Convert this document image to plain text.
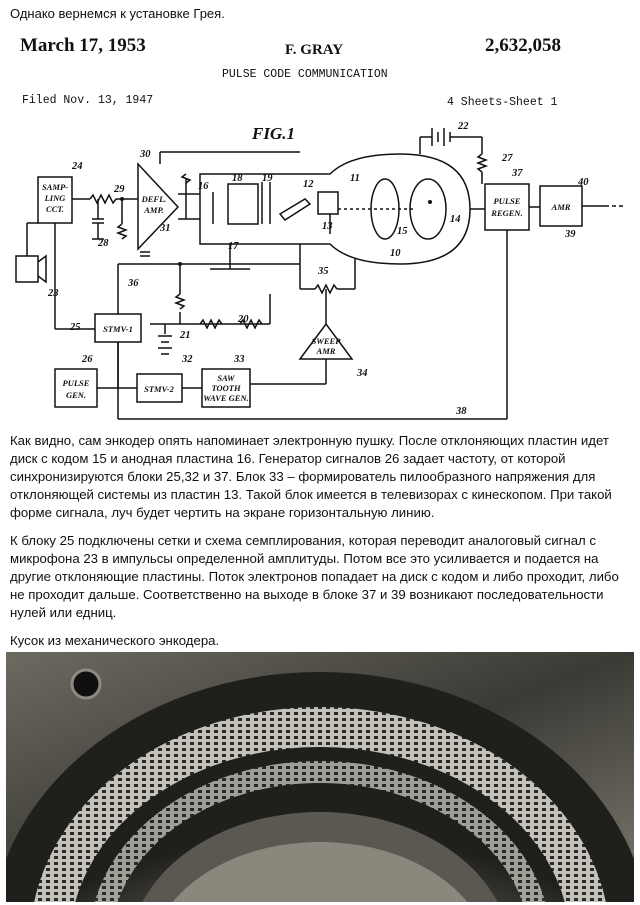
Однако вернемся к установке Грея.
March 17, 1953	F. GRAY	2,632,058
PULSE CODE COMMUNICATION
Filed Nov. 13, 1947	4 Sheets-Sheet 1
FIG.1
SAMP-
LING
CCT.
DEFL.
AMP.
PULSE
REGEN.
AMR
STMV-1
STMV-2
PULSE
GEN.
SAW
TOOTH
WAVE GEN.
SWEEP
AMR
24
29
28
30
31
16
18 19
17
12
11
13
22
27
37
40
39
14
15
10
23
36
35
25
21
20
26	32	33
34
38

Как видно, сам энкодер опять напоминает электронную пушку. После отклоняющих пластин идет диск с кодом 15 и анодная пластина 16. Генератор сигналов 26 задает частоту, от которой синхронизируются блоки 25,32 и 37. Блок 33 – формирователь пилообразного напряжения для отклоняющей системы из пластин 13. Такой блок имеется в телевизорах с кинескопом. При такой форме сигнала, луч будет чертить на экране горизонтальную линию.

К блоку 25 подключены сетки и схема семплирования, которая переводит аналоговый сигнал с микрофона 23 в импульсы определенной амплитуды. Потом все это усиливается и подается на другие отклоняющие пластины. Поток электронов попадает на диск с кодом и либо проходит, либо не проходит дальше. Соответственно на выходе в блоке 37 и 39 возникают последовательности нулей или едниц.

Кусок из механического энкодера.
